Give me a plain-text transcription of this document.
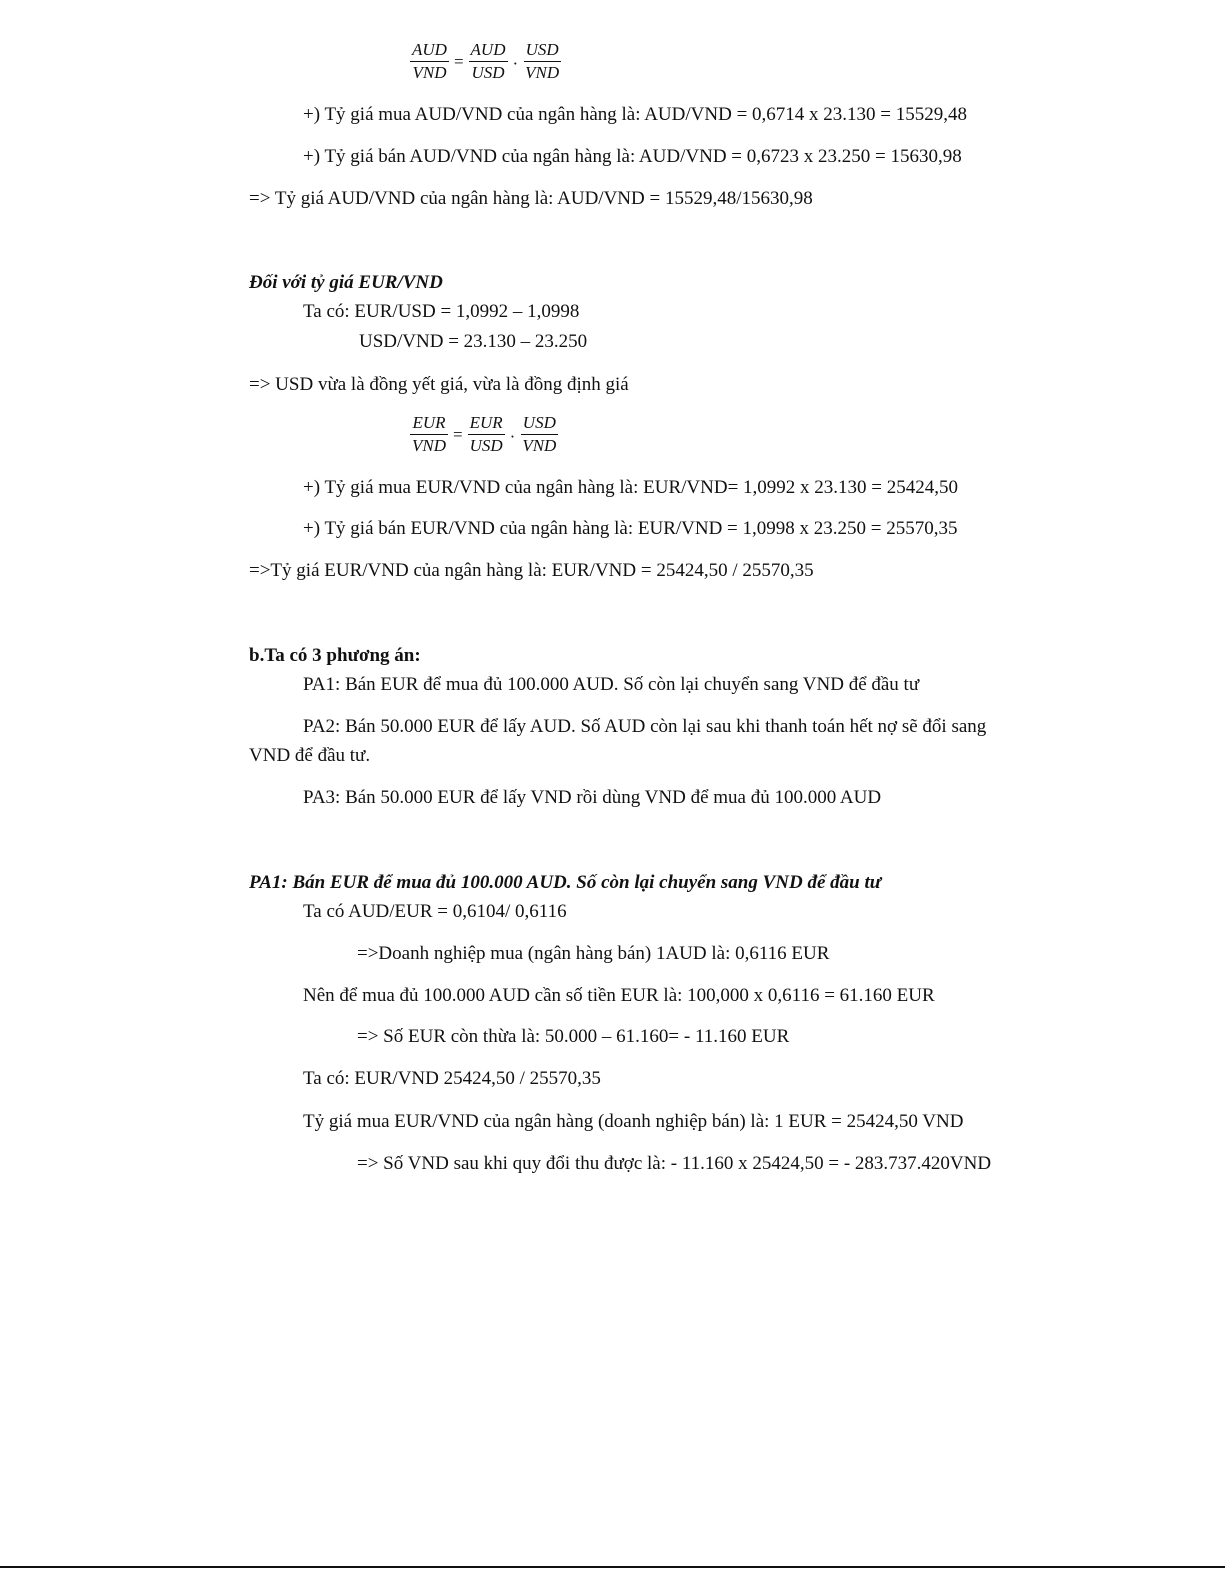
$\frac{\text{AUD}}{\text{VND}} = \frac{\text{AUD}}{\text{USD}} \cdot \frac{\text{USD}}{\text{VND}}$
+) Tỷ giá mua AUD/VND của ngân hàng là: AUD/VND = 0,6714 x 23.130 = 15529,48
+) Tỷ giá bán AUD/VND của ngân hàng là: AUD/VND = 0,6723 x 23.250 = 15630,98
=> Tỷ giá AUD/VND của ngân hàng là: AUD/VND = 15529,48/15630,98
Đối với tỷ giá EUR/VND
Ta có: EUR/USD = 1,0992 – 1,0998
USD/VND = 23.130 – 23.250
=> USD vừa là đồng yết giá, vừa là đồng định giá
$\frac{\text{EUR}}{\text{VND}} = \frac{\text{EUR}}{\text{USD}} \cdot \frac{\text{USD}}{\text{VND}}$
+) Tỷ giá mua EUR/VND của ngân hàng là: EUR/VND= 1,0992 x 23.130 = 25424,50
+) Tỷ giá bán EUR/VND của ngân hàng là: EUR/VND = 1,0998 x 23.250 = 25570,35
=>Tỷ giá EUR/VND của ngân hàng là: EUR/VND = 25424,50 / 25570,35
b.Ta có 3 phương án:
PA1: Bán EUR để mua đủ 100.000 AUD. Số còn lại chuyển sang VND để đầu tư
PA2: Bán 50.000 EUR để lấy AUD. Số AUD còn lại sau khi thanh toán hết nợ sẽ đổi sang
VND để đầu tư.
PA3: Bán 50.000 EUR để lấy VND rồi dùng VND để mua đủ 100.000 AUD
PA1: Bán EUR để mua đủ 100.000 AUD. Số còn lại chuyển sang VND để đầu tư
Ta có AUD/EUR = 0,6104/ 0,6116
=>Doanh nghiệp mua (ngân hàng bán) 1AUD là: 0,6116 EUR
Nên để mua đủ 100.000 AUD cần số tiền EUR là: 100,000 x 0,6116 = 61.160 EUR
=> Số EUR còn thừa là: 50.000 – 61.160= - 11.160 EUR
Ta có: EUR/VND 25424,50 / 25570,35
Tỷ giá mua EUR/VND của ngân hàng (doanh nghiệp bán) là: 1 EUR = 25424,50 VND
=> Số VND sau khi quy đổi thu được là: - 11.160 x 25424,50 = - 283.737.420VND
